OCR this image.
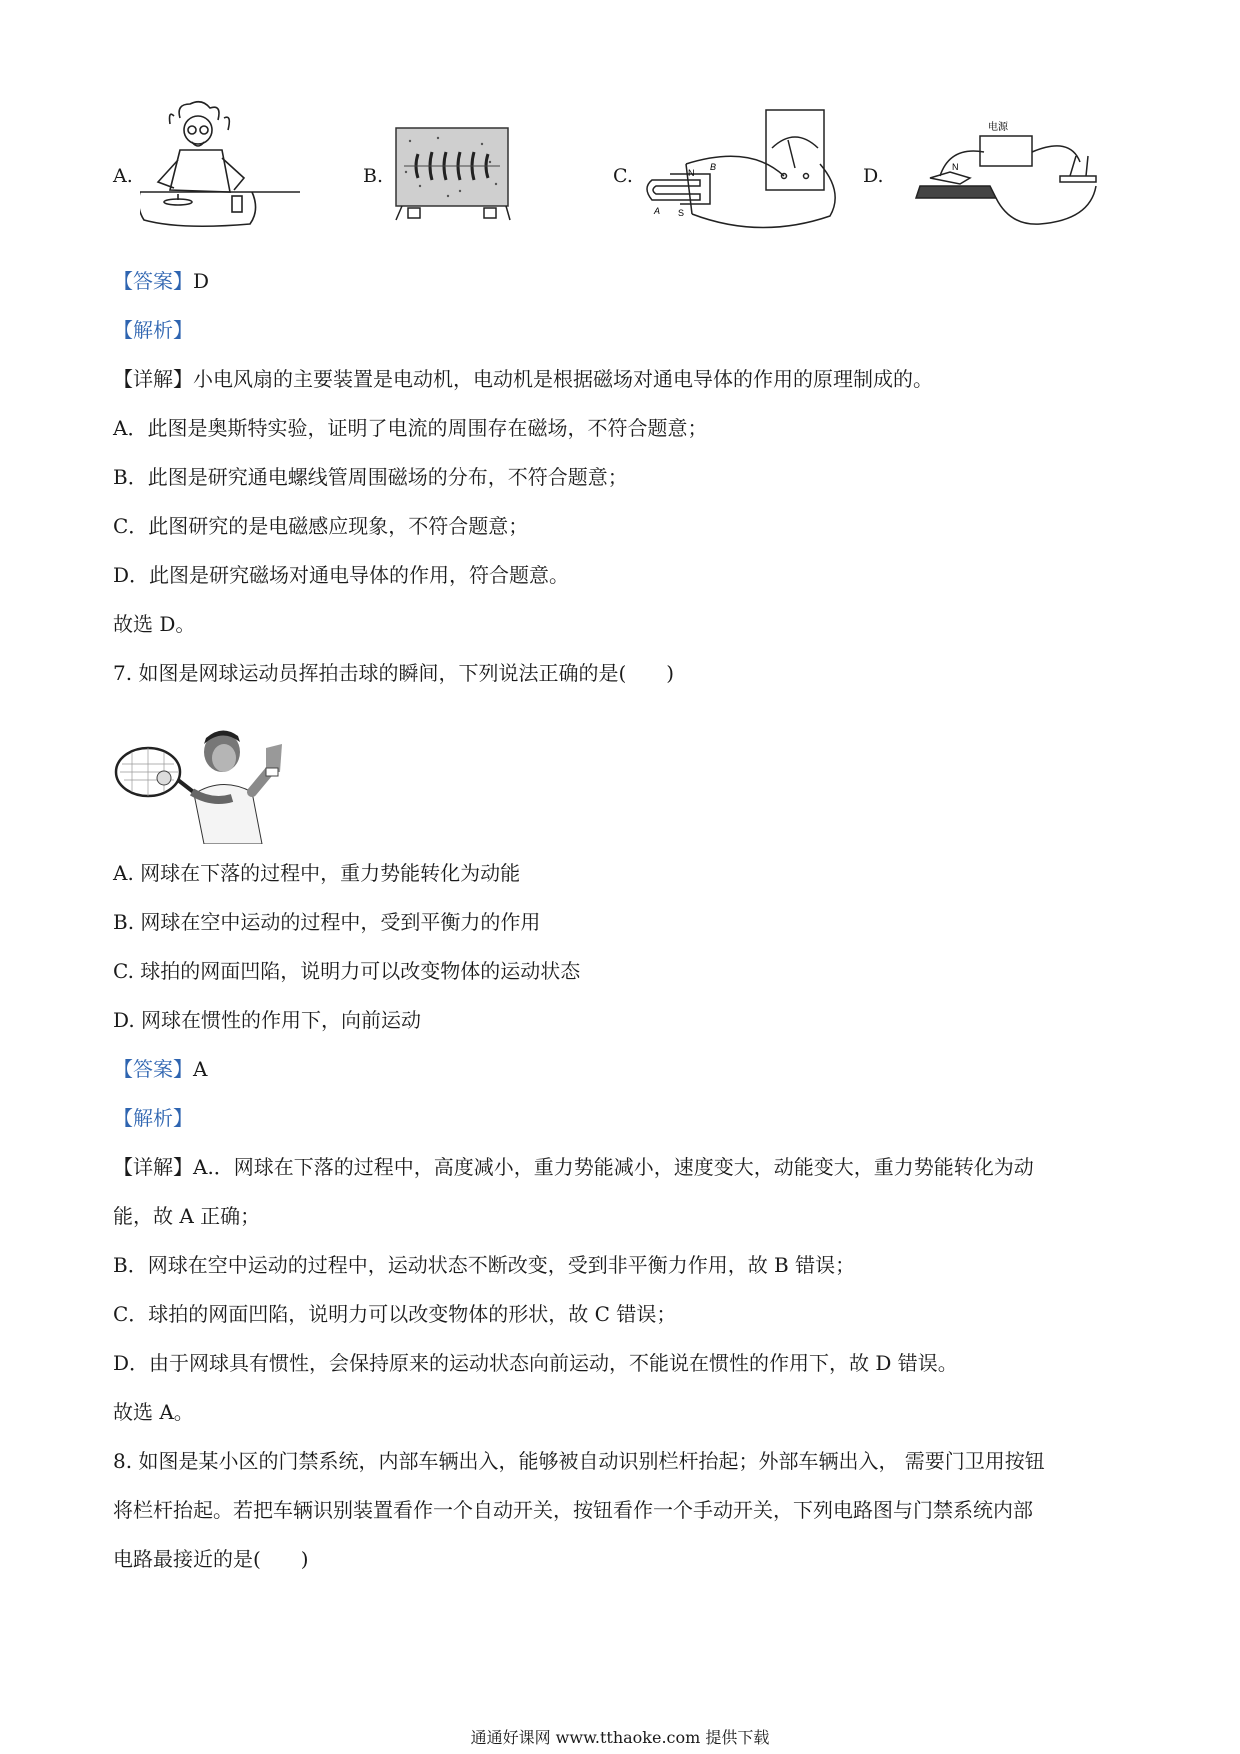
A.	B.	C.	N
B
A S
D.
电源
N
【答案】D
【解析】
【详解】小电风扇的主要装置是电动机，电动机是根据磁场对通电导体的作用的原理制成的。
A．此图是奥斯特实验，证明了电流的周围存在磁场，不符合题意；
B．此图是研究通电螺线管周围磁场的分布，不符合题意；
C．此图研究的是电磁感应现象，不符合题意；
D．此图是研究磁场对通电导体的作用，符合题意。
故选 D。
7. 如图是网球运动员挥拍击球的瞬间，下列说法正确的是(　　)
A. 网球在下落的过程中，重力势能转化为动能
B. 网球在空中运动的过程中，受到平衡力的作用
C. 球拍的网面凹陷，说明力可以改变物体的运动状态
D. 网球在惯性的作用下，向前运动
【答案】A
【解析】
【详解】A.．网球在下落的过程中，高度减小，重力势能减小，速度变大，动能变大，重力势能转化为动
能，故 A 正确；
B．网球在空中运动的过程中，运动状态不断改变，受到非平衡力作用，故 B 错误；
C．球拍的网面凹陷，说明力可以改变物体的形状，故 C 错误；
D．由于网球具有惯性，会保持原来的运动状态向前运动，不能说在惯性的作用下，故 D 错误。
故选 A。
8. 如图是某小区的门禁系统，内部车辆出入，能够被自动识别栏杆抬起；外部车辆出入， 需要门卫用按钮
将栏杆抬起。若把车辆识别装置看作一个自动开关，按钮看作一个手动开关，下列电路图与门禁系统内部
电路最接近的是(　　)
通通好课网 www.tthaoke.com 提供下载
